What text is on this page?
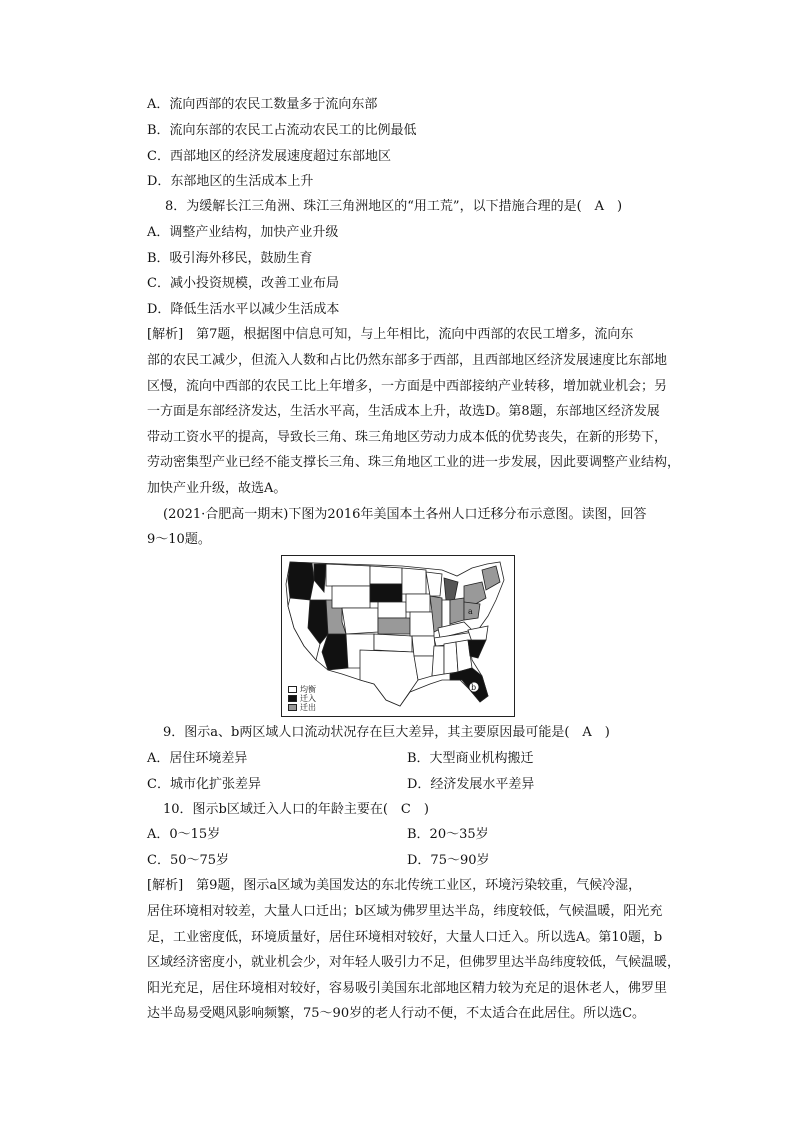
A．流向西部的农民工数量多于流向东部
B．流向东部的农民工占流动农民工的比例最低
C．西部地区的经济发展速度超过东部地区
D．东部地区的生活成本上升
8．为缓解长江三角洲、珠江三角洲地区的“用工荒”，以下措施合理的是(　A　)
A．调整产业结构，加快产业升级
B．吸引海外移民，鼓励生育
C．减小投资规模，改善工业布局
D．降低生活水平以减少生活成本
[解析]　第7题，根据图中信息可知，与上年相比，流向中西部的农民工增多，流向东
部的农民工减少，但流入人数和占比仍然东部多于西部，且西部地区经济发展速度比东部地
区慢，流向中西部的农民工比上年增多，一方面是中西部接纳产业转移，增加就业机会；另
一方面是东部经济发达，生活水平高，生活成本上升，故选D。第8题，东部地区经济发展
带动工资水平的提高，导致长三角、珠三角地区劳动力成本低的优势丧失，在新的形势下，
劳动密集型产业已经不能支撑长三角、珠三角地区工业的进一步发展，因此要调整产业结构，
加快产业升级，故选A。
(2021·合肥高一期末)下图为2016年美国本土各州人口迁移分布示意图。读图，回答
9～10题。
a
b
均衡
迁入
迁出
9．图示a、b两区域人口流动状况存在巨大差异，其主要原因最可能是(　A　)
A．居住环境差异	B．大型商业机构搬迁
C．城市化扩张差异	D．经济发展水平差异
10．图示b区域迁入人口的年龄主要在(　C　)
A．0～15岁	B．20～35岁
C．50～75岁	D．75～90岁
[解析]　第9题，图示a区域为美国发达的东北传统工业区，环境污染较重，气候冷湿，
居住环境相对较差，大量人口迁出；b区域为佛罗里达半岛，纬度较低，气候温暖，阳光充
足，工业密度低，环境质量好，居住环境相对较好，大量人口迁入。所以选A。第10题，b
区域经济密度小，就业机会少，对年轻人吸引力不足，但佛罗里达半岛纬度较低，气候温暖，
阳光充足，居住环境相对较好，容易吸引美国东北部地区精力较为充足的退休老人，佛罗里
达半岛易受飓风影响频繁，75～90岁的老人行动不便，不太适合在此居住。所以选C。
